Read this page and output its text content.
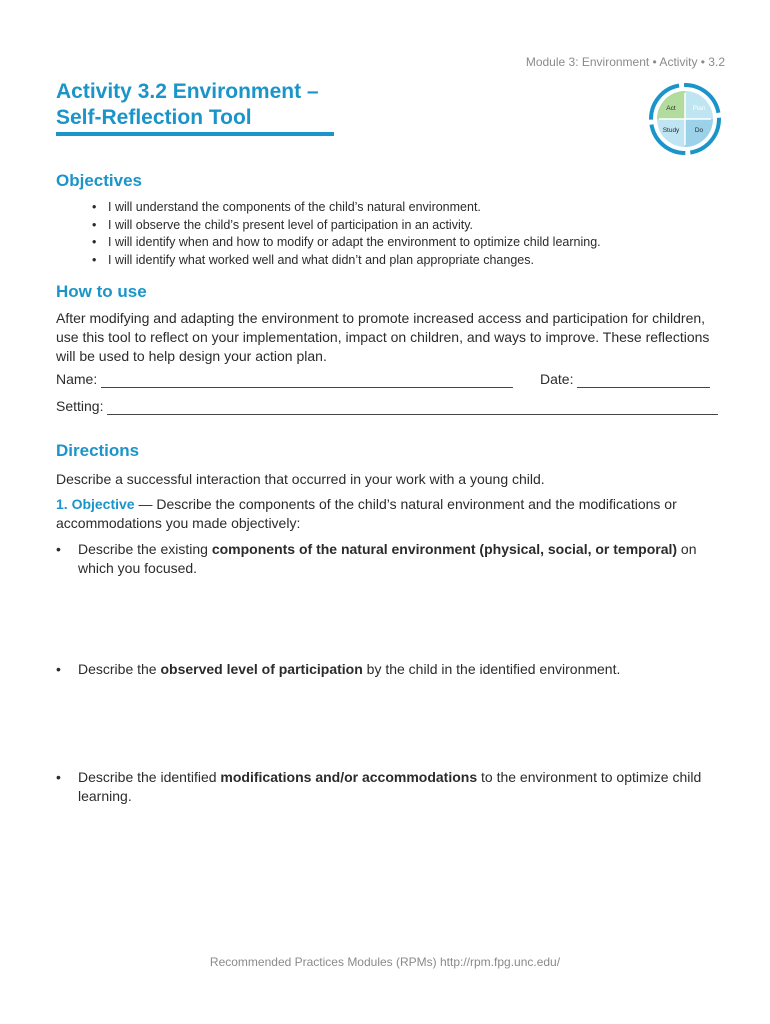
Module 3: Environment • Activity • 3.2
Activity 3.2 Environment –
Self-Reflection Tool	Act	Plan
Study Do
Objectives
• I will understand the components of the child’s natural environment.
• I will observe the child’s present level of participation in an activity.
• I will identify when and how to modify or adapt the environment to optimize child learning.
• I will identify what worked well and what didn’t and plan appropriate changes.
How to use
After modifying and adapting the environment to promote increased access and participation for children, use this tool to reflect on your implementation, impact on children, and ways to improve. These reflections will be used to help design your action plan.
Name:	Date:
Setting:
Directions
Describe a successful interaction that occurred in your work with a young child.
1. Objective — Describe the components of the child’s natural environment and the modifications or accommodations you made objectively:
• Describe the existing components of the natural environment (physical, social, or temporal) on which you focused.
• Describe the observed level of participation by the child in the identified environment.
• Describe the identified modifications and/or accommodations to the environment to optimize child learning.
Recommended Practices Modules (RPMs) http://rpm.fpg.unc.edu/
